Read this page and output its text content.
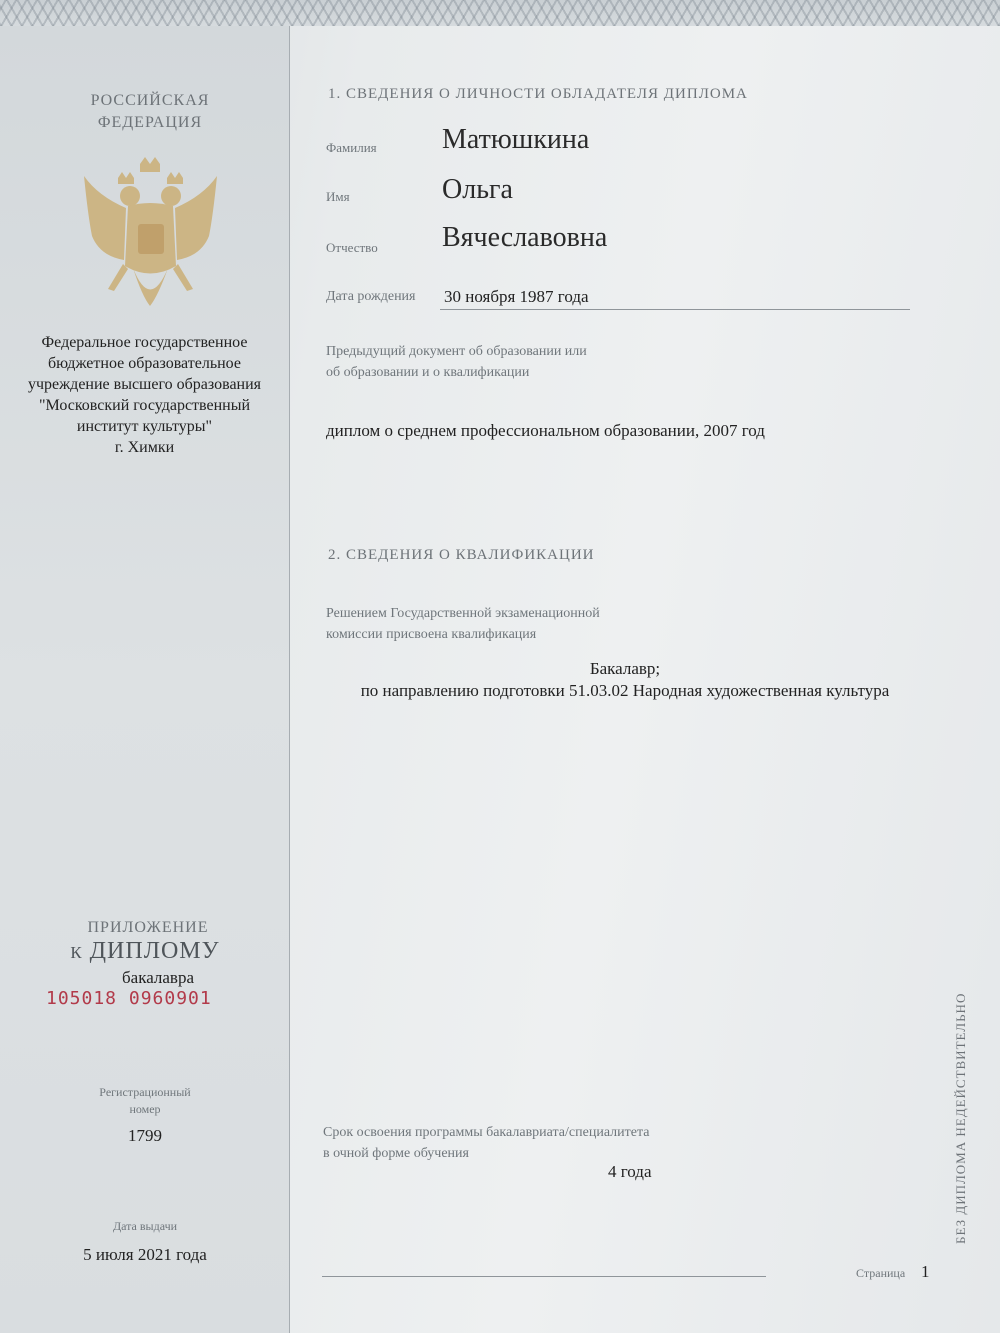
РОССИЙСКАЯ
ФЕДЕРАЦИЯ
Федеральное государственное
бюджетное образовательное
учреждение высшего образования
"Московский государственный
институт культуры"
г. Химки
ПРИЛОЖЕНИЕ
к ДИПЛОМУ
бакалавра
105018 0960901
Регистрационный
номер
1799
Дата выдачи
5 июля 2021 года
1. СВЕДЕНИЯ О ЛИЧНОСТИ ОБЛАДАТЕЛЯ ДИПЛОМА
Фамилия Матюшкина
Имя	Ольга
Отчество Вячеславовна
Дата рождения 30 ноября 1987 года
Предыдущий документ об образовании или
об образовании и о квалификации
диплом о среднем профессиональном образовании, 2007 год
2. СВЕДЕНИЯ О КВАЛИФИКАЦИИ
Решением Государственной экзаменационной
комиссии присвоена квалификация
Бакалавр;
по направлению подготовки 51.03.02 Народная художественная культура
Срок освоения программы бакалавриата/специалитета
в очной форме обучения
4 года
Страница 1
БЕЗ ДИПЛОМА НЕДЕЙСТВИТЕЛЬНО
